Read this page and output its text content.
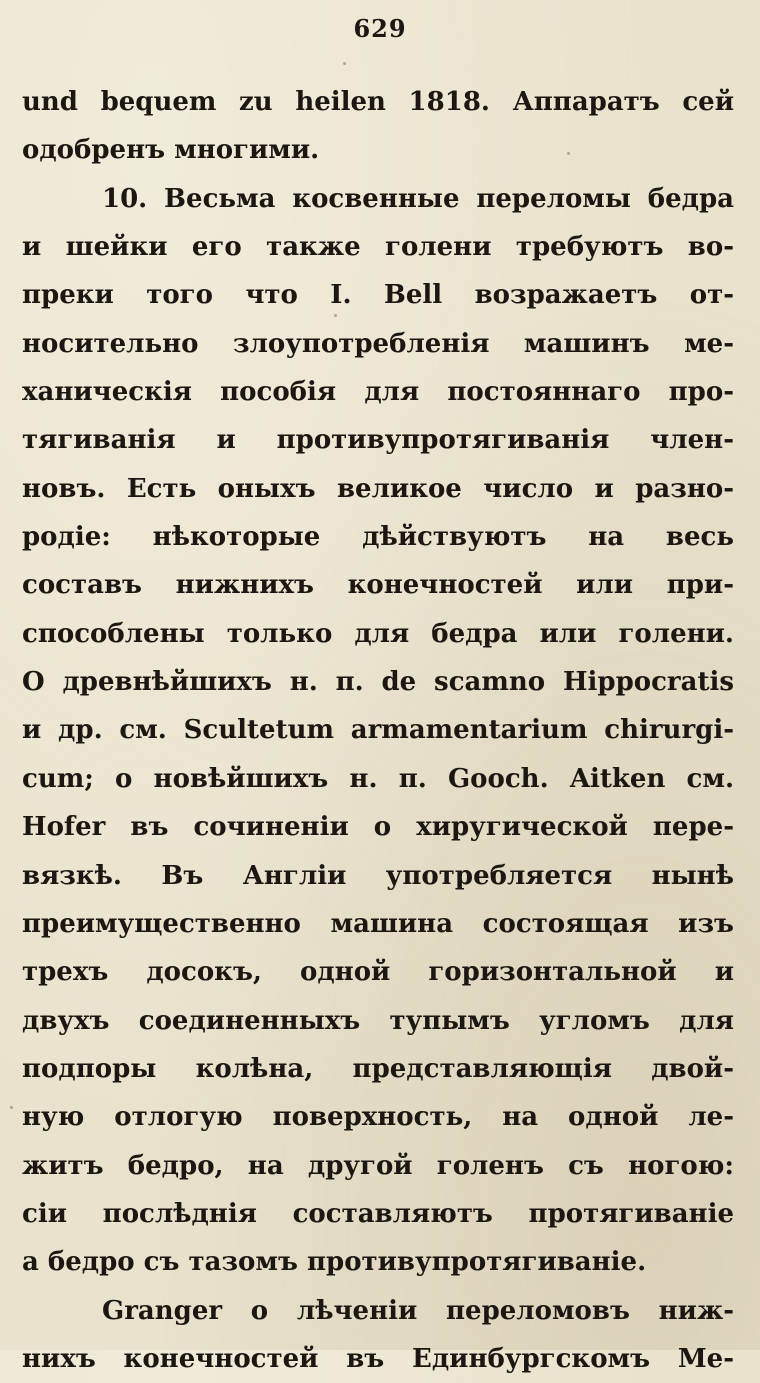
629
und bequem zu heilen 1818. Аппаратъ сей
одобренъ многими.
10. Весьма косвенные переломы бедра
и шейки его также голени требуютъ во-
преки того что I. Bell возражаетъ от-
носительно злоупотребленія машинъ ме-
ханическія пособія для постояннаго про-
тягиванія и противупротягиванія член-
новъ. Есть оныхъ великое число и разно-
родіе: нѣкоторые дѣйствуютъ на весь
составъ нижнихъ конечностей или при-
способлены только для бедра или голени.
О древнѣйшихъ н. п. de scamno Hippocratis
и др. см. Scultetum armamentarium chirurgi-
cum; о новѣйшихъ н. п. Gooch. Aitken см.
Hofer въ сочиненіи о хиругической пере-
вязкѣ. Въ Англіи употребляется нынѣ
преимущественно машина состоящая изъ
трехъ досокъ, одной горизонтальной и
двухъ соединенныхъ тупымъ угломъ для
подпоры колѣна, представляющія двой-
ную отлогую поверхность, на одной ле-
житъ бедро, на другой голенъ съ ногою:
сіи послѣднія составляютъ протягиваніе
а бедро съ тазомъ противупротягиваніе.
Granger о лѣченіи переломовъ ниж-
нихъ конечностей въ Единбургскомъ Ме-
